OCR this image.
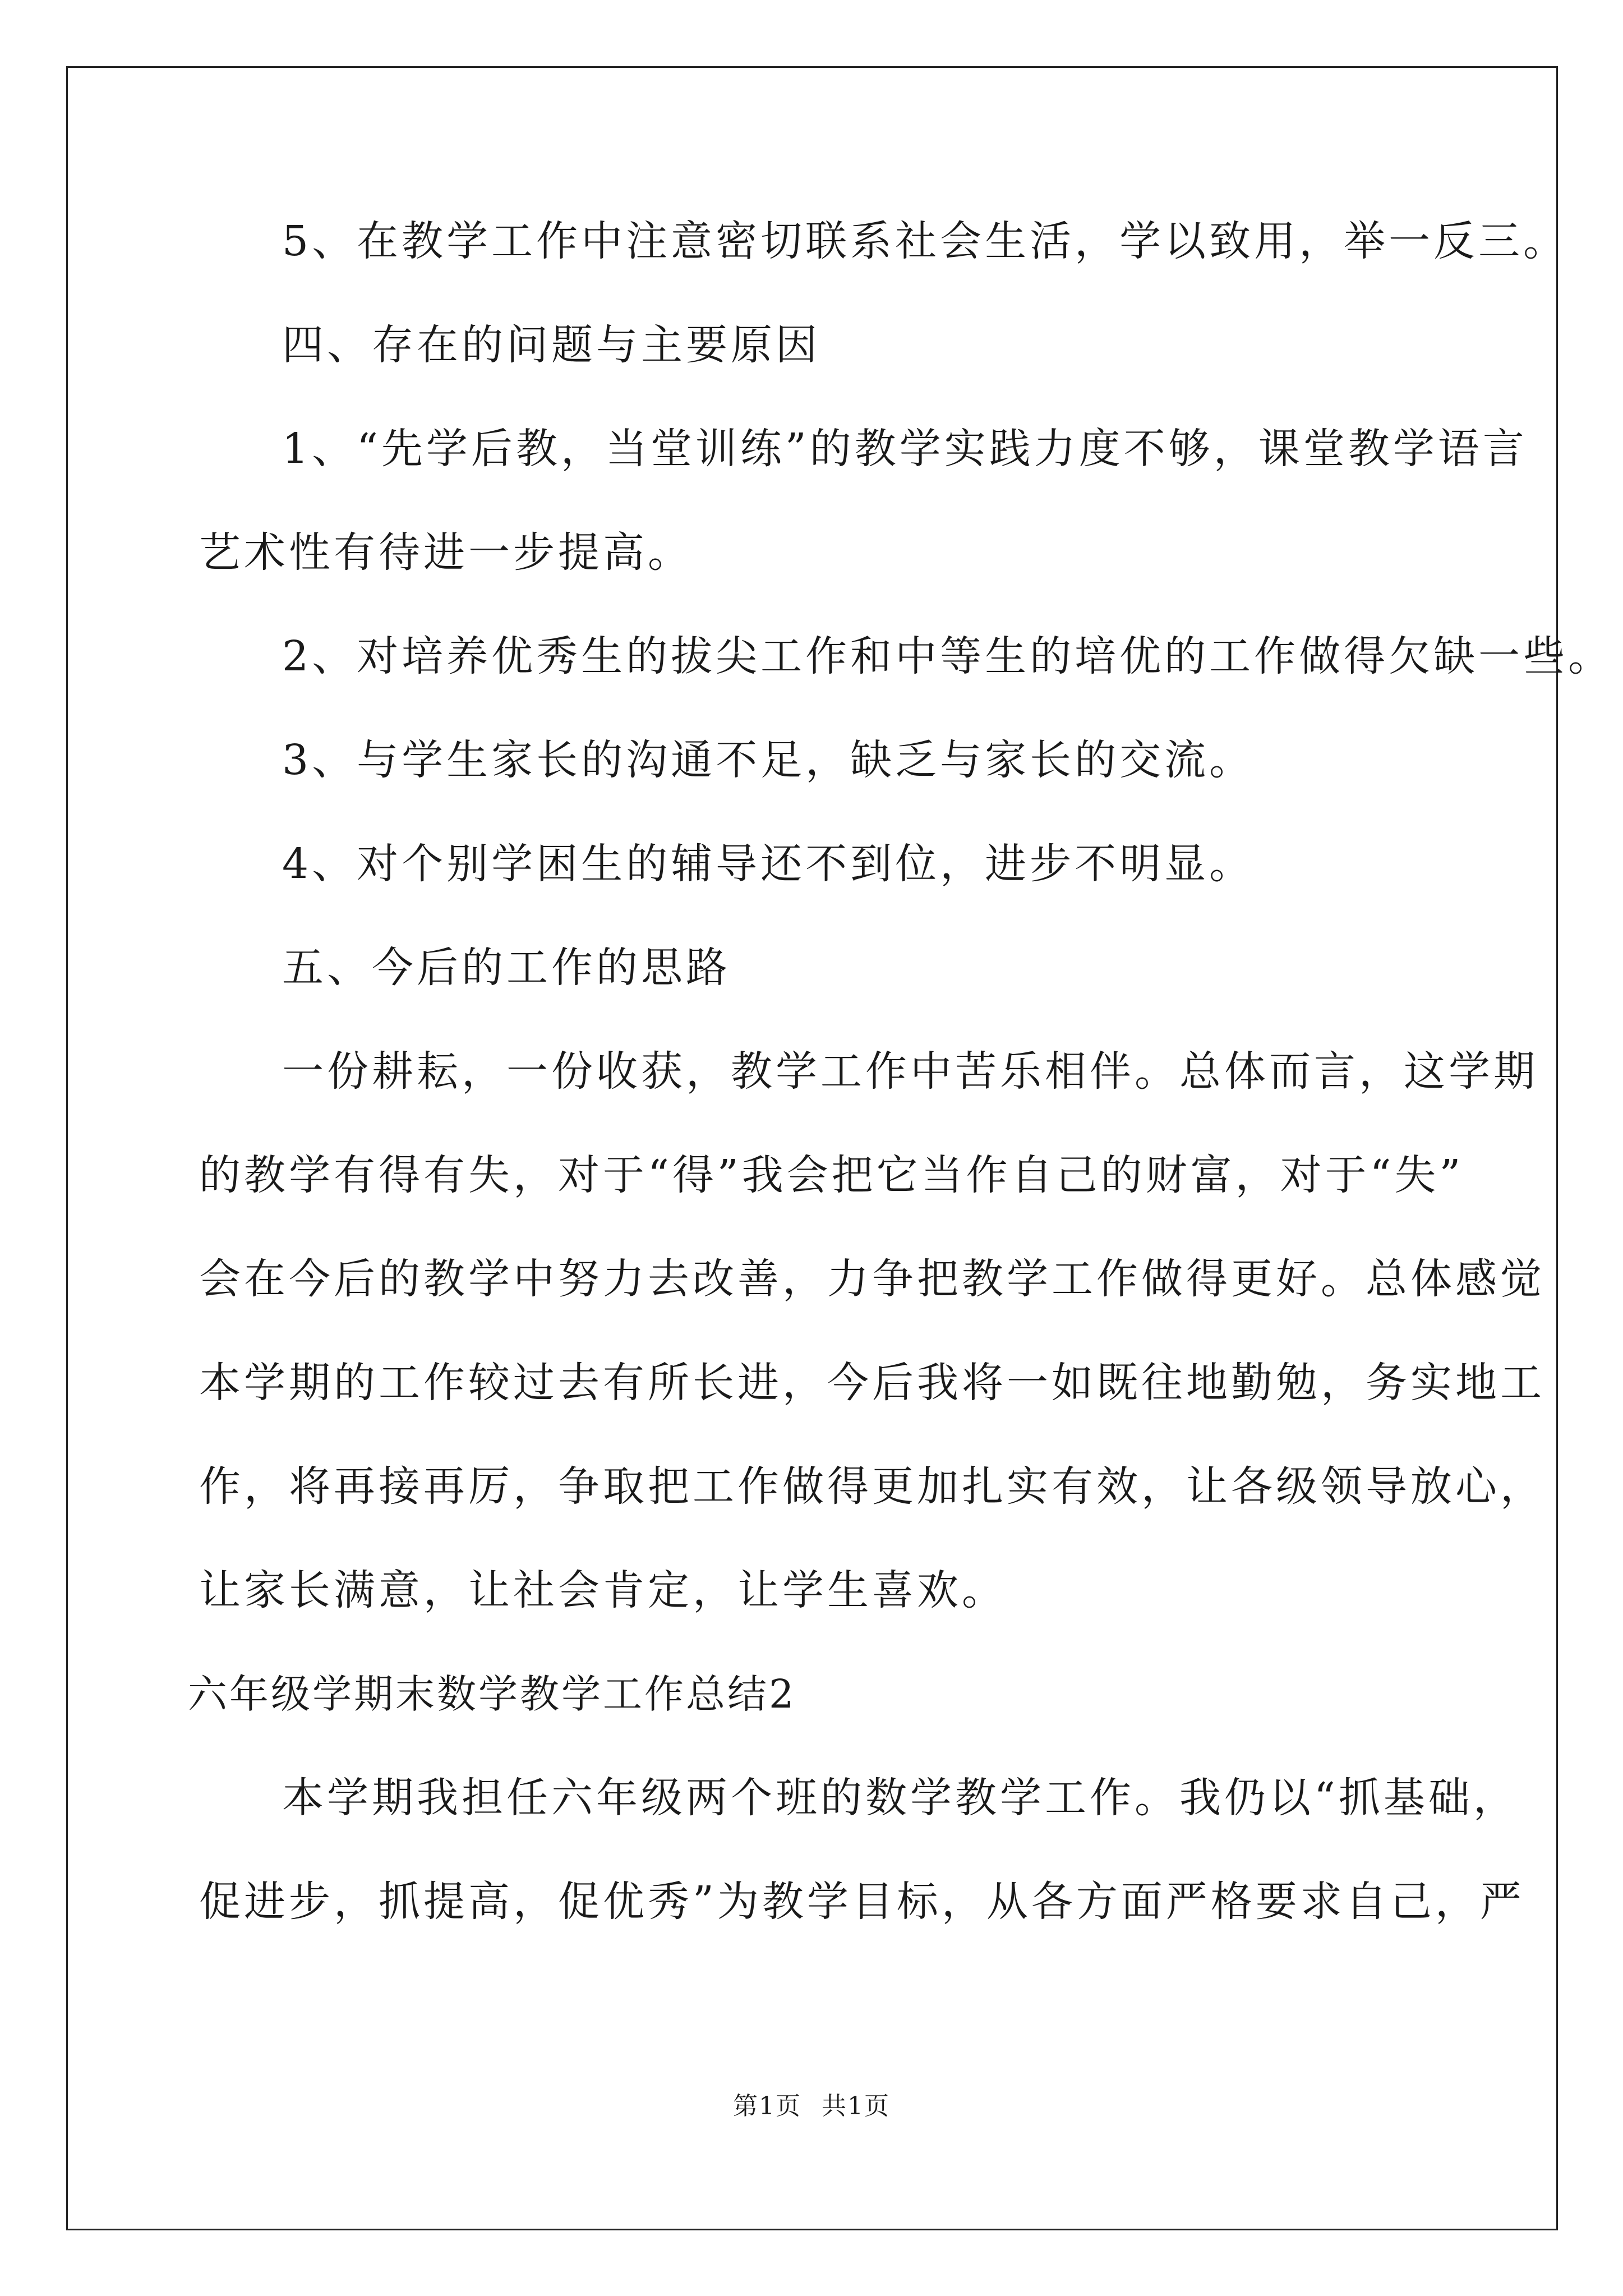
5、在教学工作中注意密切联系社会生活，学以致用，举一反三。
四、存在的问题与主要原因
1、“先学后教，当堂训练”的教学实践力度不够，课堂教学语言
艺术性有待进一步提高。
2、对培养优秀生的拔尖工作和中等生的培优的工作做得欠缺一些。
3、与学生家长的沟通不足，缺乏与家长的交流。
4、对个别学困生的辅导还不到位，进步不明显。
五、今后的工作的思路
一份耕耘，一份收获，教学工作中苦乐相伴。总体而言，这学期
的教学有得有失，对于“得”我会把它当作自己的财富，对于“失”
会在今后的教学中努力去改善，力争把教学工作做得更好。总体感觉
本学期的工作较过去有所长进，今后我将一如既往地勤勉，务实地工
作，将再接再厉，争取把工作做得更加扎实有效，让各级领导放心，
让家长满意，让社会肯定，让学生喜欢。
六年级学期末数学教学工作总结2
本学期我担任六年级两个班的数学教学工作。我仍以“抓基础，
促进步，抓提高，促优秀”为教学目标，从各方面严格要求自己，严
第1页 共1页
